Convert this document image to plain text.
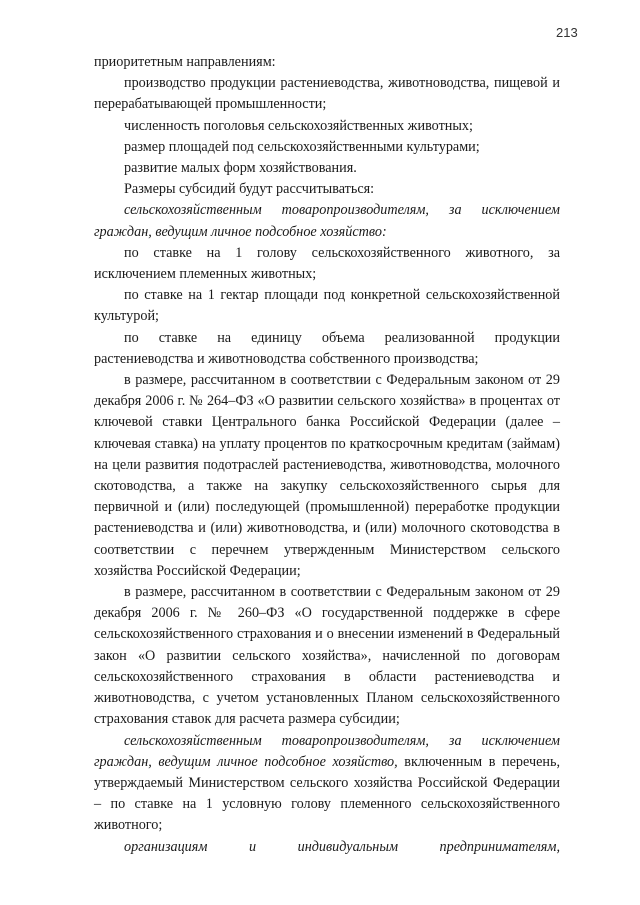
213

приоритетным направлениям:

производство продукции растениеводства, животноводства, пищевой и перерабатывающей промышленности;

численность поголовья сельскохозяйственных животных;

размер площадей под сельскохозяйственными культурами;

развитие малых форм хозяйствования.

Размеры субсидий будут рассчитываться:

сельскохозяйственным товаропроизводителям, за исключением граждан, ведущим личное подсобное хозяйство:

по ставке на 1 голову сельскохозяйственного животного, за исключением племенных животных;

по ставке на 1 гектар площади под конкретной сельскохозяйственной культурой;

по ставке на единицу объема реализованной продукции растениеводства и животноводства собственного производства;

в размере, рассчитанном в соответствии с Федеральным законом от 29 декабря 2006 г. № 264–ФЗ «О развитии сельского хозяйства» в процентах от ключевой ставки Центрального банка Российской Федерации (далее – ключевая ставка) на уплату процентов по краткосрочным кредитам (займам) на цели развития подотраслей растениеводства, животноводства, молочного скотоводства, а также на закупку сельскохозяйственного сырья для первичной и (или) последующей (промышленной) переработке продукции растениеводства и (или) животноводства, и (или) молочного скотоводства в соответствии с перечнем утвержденным Министерством сельского хозяйства Российской Федерации;

в размере, рассчитанном в соответствии с Федеральным законом от 29 декабря 2006 г. № 260–ФЗ «О государственной поддержке в сфере сельскохозяйственного страхования и о внесении изменений в Федеральный закон «О развитии сельского хозяйства», начисленной по договорам сельскохозяйственного страхования в области растениеводства и животноводства, с учетом установленных Планом сельскохозяйственного страхования ставок для расчета размера субсидии;

сельскохозяйственным товаропроизводителям, за исключением граждан, ведущим личное подсобное хозяйство, включенным в перечень, утверждаемый Министерством сельского хозяйства Российской Федерации – по ставке на 1 условную голову племенного сельскохозяйственного животного;

организациям и индивидуальным предпринимателям,
